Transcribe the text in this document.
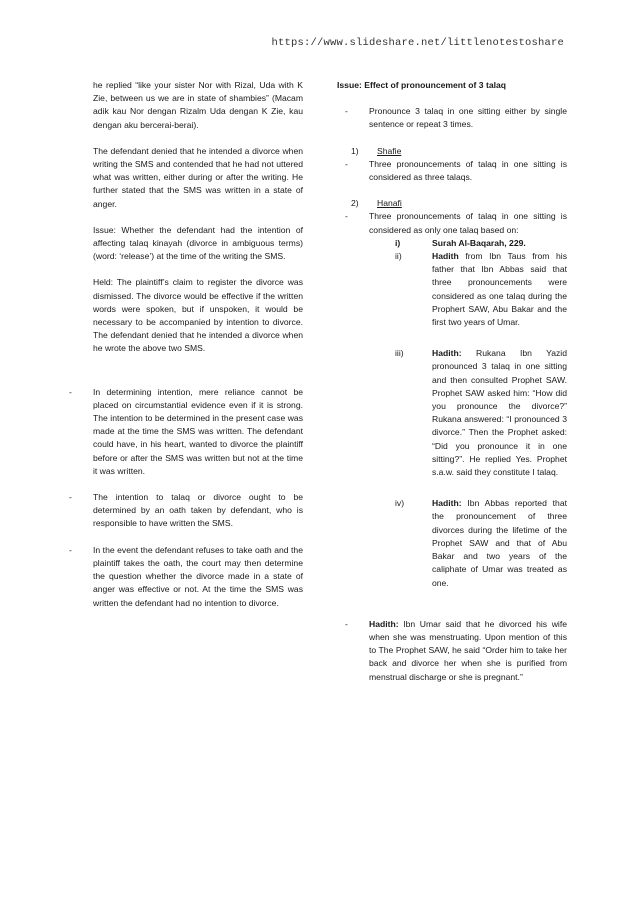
https://www.slideshare.net/littlenotestoshare

he replied “like your sister Nor with Rizal, Uda with K Zie, between us we are in state of shambies” (Macam adik kau Nor dengan Rizalm Uda dengan K Zie, kau dengan aku bercerai-berai).

The defendant denied that he intended a divorce when writing the SMS and contended that he had not uttered what was written, either during or after the writing. He further stated that the SMS was written in a state of anger.

Issue: Whether the defendant had the intention of affecting talaq kinayah (divorce in ambiguous terms) (word: ‘release’) at the time of the writing the SMS.

Held: The plaintiff’s claim to register the divorce was dismissed. The divorce would be effective if the written words were spoken, but if unspoken, it would be necessary to be accompanied by intention to divorce. The defendant denied that he intended a divorce when he wrote the above two SMS.

- In determining intention, mere reliance cannot be placed on circumstantial evidence even if it is strong. The intention to be determined in the present case was made at the time the SMS was written. The defendant could have, in his heart, wanted to divorce the plaintiff before or after the SMS was written but not at the time it was written.
- The intention to talaq or divorce ought to be determined by an oath taken by defendant, who is responsible to have written the SMS.
- In the event the defendant refuses to take oath and the plaintiff takes the oath, the court may then determine the question whether the divorce made in a state of anger was effective or not. At the time the SMS was written the defendant had no intention to divorce.
Issue: Effect of pronouncement of 3 talaq
- Pronounce 3 talaq in one sitting either by single sentence or repeat 3 times.
1) Shafie
- Three pronouncements of talaq in one sitting is considered as three talaqs.
2) Hanafi
- Three pronouncements of talaq in one sitting is considered as only one talaq based on:
i)	Surah Al-Baqarah, 229.
ii)	Hadith from Ibn Taus from his father that Ibn Abbas said that three pronouncements were considered as one talaq during the Prophert SAW, Abu Bakar and the first two years of Umar.
iii)	Hadith: Rukana Ibn Yazid pronounced 3 talaq in one sitting and then consulted Prophet SAW. Prophet SAW asked him: “How did you pronounce the divorce?” Rukana answered: “I pronounced 3 divorce.” Then the Prophet asked: “Did you pronounce it in one sitting?”. He replied Yes. Prophet s.a.w. said they constitute I talaq.
iv)	Hadith: Ibn Abbas reported that the pronouncement of three divorces during the lifetime of the Prophet SAW and that of Abu Bakar and two years of the caliphate of Umar was treated as one.
- Hadith: Ibn Umar said that he divorced his wife when she was menstruating. Upon mention of this to The Prophet SAW, he said “Order him to take her back and divorce her when she is purified from menstrual discharge or she is pregnant.”
